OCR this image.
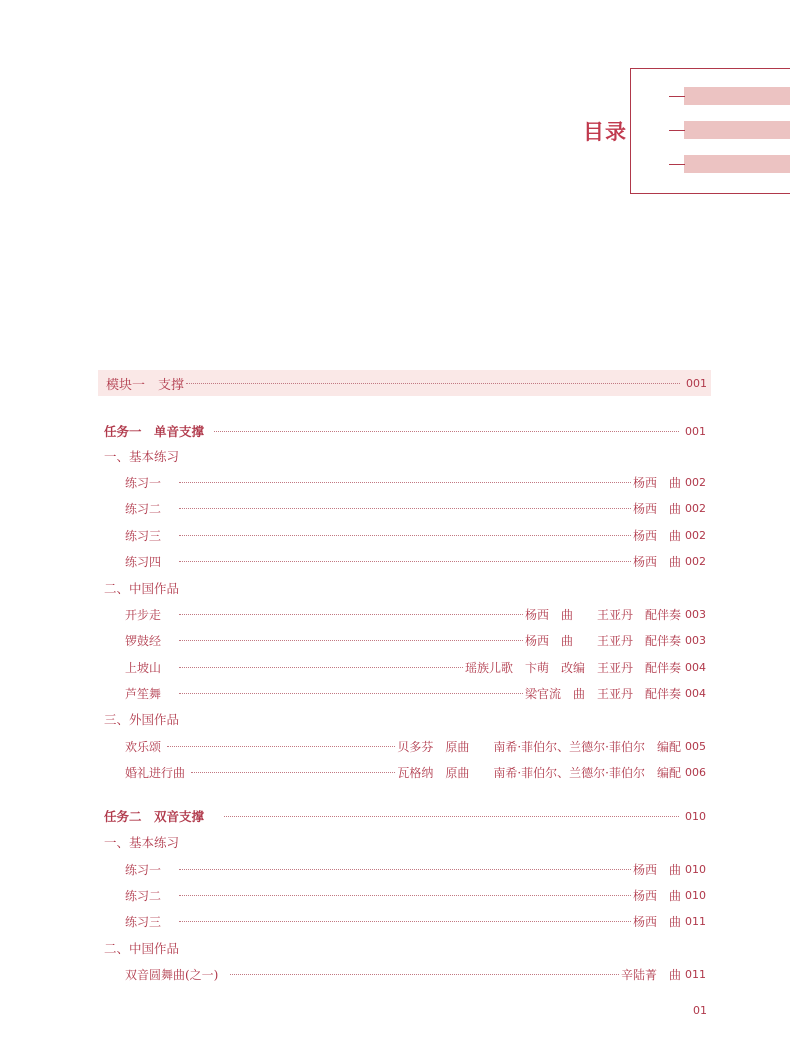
目录
模块一　支撑	001
任务一　单音支撑	001
一、基本练习
练习一	杨西　曲 002
练习二	杨西　曲 002
练习三	杨西　曲 002
练习四	杨西　曲 002
二、中国作品
开步走	杨西　曲　　王亚丹　配伴奏 003
锣鼓经	杨西　曲　　王亚丹　配伴奏 003
上坡山	瑶族儿歌　卞萌　改编　王亚丹　配伴奏 004
芦笙舞	梁官流　曲　王亚丹　配伴奏 004
三、外国作品
欢乐颂	贝多芬　原曲　　南希·菲伯尔、兰德尔·菲伯尔　编配 005
婚礼进行曲	瓦格纳　原曲　　南希·菲伯尔、兰德尔·菲伯尔　编配 006
任务二　双音支撑	010
一、基本练习
练习一	杨西　曲 010
练习二	杨西　曲 010
练习三	杨西　曲 011
二、中国作品
双音圆舞曲(之一)	辛陆菁　曲 011
01
